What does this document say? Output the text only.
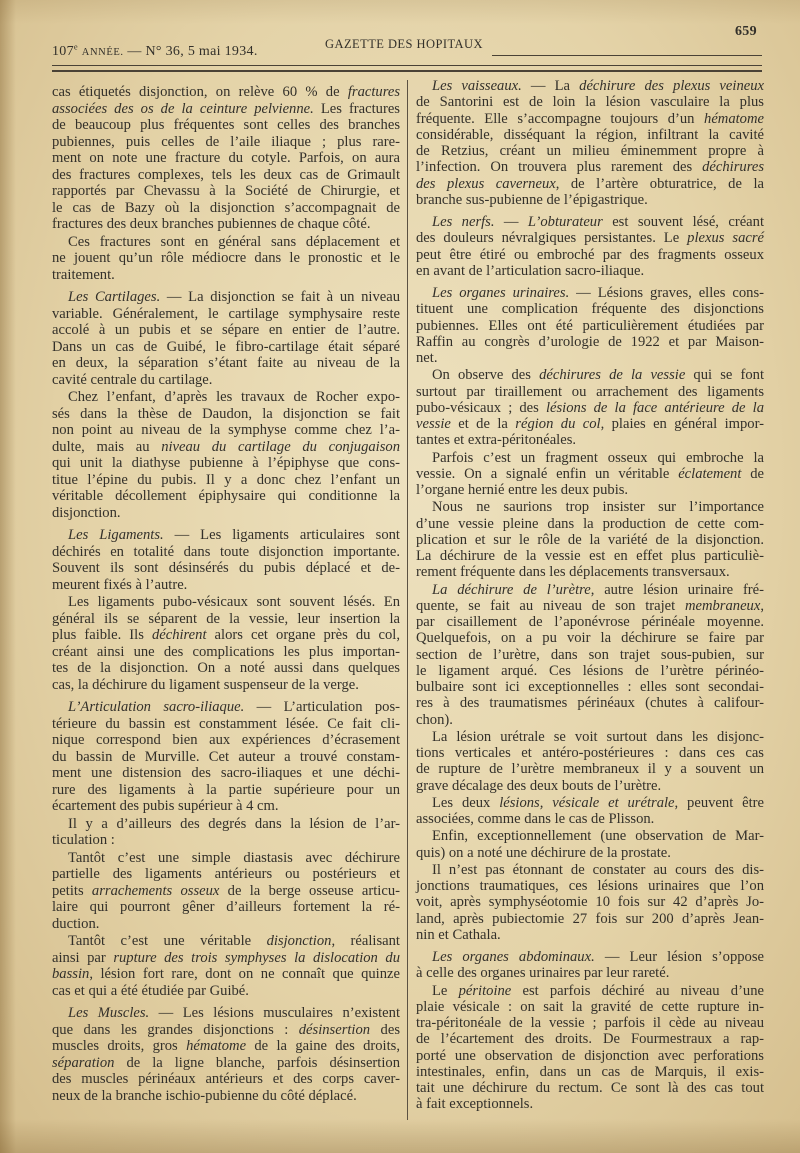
659
107e ANNÉE. — N° 36, 5 mai 1934.	GAZETTE DES HOPITAUX
cas étiquetés disjonction, on relève 60 % de fractures
associées des os de la ceinture pelvienne. Les fractures
de beaucoup plus fréquentes sont celles des branches
pubiennes, puis celles de l’aile iliaque ; plus rare-
ment on note une fracture du cotyle. Parfois, on aura
des fractures complexes, tels les deux cas de Grimault
rapportés par Chevassu à la Société de Chirurgie, et
le cas de Bazy où la disjonction s’accompagnait de
fractures des deux branches pubiennes de chaque côté.
Ces fractures sont en général sans déplacement et
ne jouent qu’un rôle médiocre dans le pronostic et le
traitement.
Les Cartilages. — La disjonction se fait à un niveau
variable. Généralement, le cartilage symphysaire reste
accolé à un pubis et se sépare en entier de l’autre.
Dans un cas de Guibé, le fibro-cartilage était séparé
en deux, la séparation s’étant faite au niveau de la
cavité centrale du cartilage.
Chez l’enfant, d’après les travaux de Rocher expo-
sés dans la thèse de Daudon, la disjonction se fait
non point au niveau de la symphyse comme chez l’a-
dulte, mais au niveau du cartilage du conjugaison
qui unit la diathyse pubienne à l’épiphyse que cons-
titue l’épine du pubis. Il y a donc chez l’enfant un
véritable décollement épiphysaire qui conditionne la
disjonction.
Les Ligaments. — Les ligaments articulaires sont
déchirés en totalité dans toute disjonction importante.
Souvent ils sont désinsérés du pubis déplacé et de-
meurent fixés à l’autre.
Les ligaments pubo-vésicaux sont souvent lésés. En
général ils se séparent de la vessie, leur insertion la
plus faible. Ils déchirent alors cet organe près du col,
créant ainsi une des complications les plus importan-
tes de la disjonction. On a noté aussi dans quelques
cas, la déchirure du ligament suspenseur de la verge.
L’Articulation sacro-iliaque. — L’articulation pos-
térieure du bassin est constamment lésée. Ce fait cli-
nique correspond bien aux expériences d’écrasement
du bassin de Murville. Cet auteur a trouvé constam-
ment une distension des sacro-iliaques et une déchi-
rure des ligaments à la partie supérieure pour un
écartement des pubis supérieur à 4 cm.
Il y a d’ailleurs des degrés dans la lésion de l’ar-
ticulation :
Tantôt c’est une simple diastasis avec déchirure
partielle des ligaments antérieurs ou postérieurs et
petits arrachements osseux de la berge osseuse articu-
laire qui pourront gêner d’ailleurs fortement la ré-
duction.
Tantôt c’est une véritable disjonction, réalisant
ainsi par rupture des trois symphyses la dislocation du
bassin, lésion fort rare, dont on ne connaît que quinze
cas et qui a été étudiée par Guibé.
Les Muscles. — Les lésions musculaires n’existent
que dans les grandes disjonctions : désinsertion des
muscles droits, gros hématome de la gaine des droits,
séparation de la ligne blanche, parfois désinsertion
des muscles périnéaux antérieurs et des corps caver-
neux de la branche ischio-pubienne du côté déplacé.
Les vaisseaux. — La déchirure des plexus veineux
de Santorini est de loin la lésion vasculaire la plus
fréquente. Elle s’accompagne toujours d’un hématome
considérable, disséquant la région, infiltrant la cavité
de Retzius, créant un milieu éminemment propre à
l’infection. On trouvera plus rarement des déchirures
des plexus caverneux, de l’artère obturatrice, de la
branche sus-pubienne de l’épigastrique.
Les nerfs. — L’obturateur est souvent lésé, créant
des douleurs névralgiques persistantes. Le plexus sacré
peut être étiré ou embroché par des fragments osseux
en avant de l’articulation sacro-iliaque.
Les organes urinaires. — Lésions graves, elles cons-
tituent une complication fréquente des disjonctions
pubiennes. Elles ont été particulièrement étudiées par
Raffin au congrès d’urologie de 1922 et par Maison-
net.
On observe des déchirures de la vessie qui se font
surtout par tiraillement ou arrachement des ligaments
pubo-vésicaux ; des lésions de la face antérieure de la
vessie et de la région du col, plaies en général impor-
tantes et extra-péritonéales.
Parfois c’est un fragment osseux qui embroche la
vessie. On a signalé enfin un véritable éclatement de
l’organe hernié entre les deux pubis.
Nous ne saurions trop insister sur l’importance
d’une vessie pleine dans la production de cette com-
plication et sur le rôle de la variété de la disjonction.
La déchirure de la vessie est en effet plus particuliè-
rement fréquente dans les déplacements transversaux.
La déchirure de l’urètre, autre lésion urinaire fré-
quente, se fait au niveau de son trajet membraneux,
par cisaillement de l’aponévrose périnéale moyenne.
Quelquefois, on a pu voir la déchirure se faire par
section de l’urètre, dans son trajet sous-pubien, sur
le ligament arqué. Ces lésions de l’urètre périnéo-
bulbaire sont ici exceptionnelles : elles sont secondai-
res à des traumatismes périnéaux (chutes à califour-
chon).
La lésion urétrale se voit surtout dans les disjonc-
tions verticales et antéro-postérieures : dans ces cas
de rupture de l’urètre membraneux il y a souvent un
grave décalage des deux bouts de l’urètre.
Les deux lésions, vésicale et urétrale, peuvent être
associées, comme dans le cas de Plisson.
Enfin, exceptionnellement (une observation de Mar-
quis) on a noté une déchirure de la prostate.
Il n’est pas étonnant de constater au cours des dis-
jonctions traumatiques, ces lésions urinaires que l’on
voit, après symphyséotomie 10 fois sur 42 d’après Jo-
land, après pubiectomie 27 fois sur 200 d’après Jean-
nin et Cathala.
Les organes abdominaux. — Leur lésion s’oppose
à celle des organes urinaires par leur rareté.
Le péritoine est parfois déchiré au niveau d’une
plaie vésicale : on sait la gravité de cette rupture in-
tra-péritonéale de la vessie ; parfois il cède au niveau
de l’écartement des droits. De Fourmestraux a rap-
porté une observation de disjonction avec perforations
intestinales, enfin, dans un cas de Marquis, il exis-
tait une déchirure du rectum. Ce sont là des cas tout
à fait exceptionnels.
